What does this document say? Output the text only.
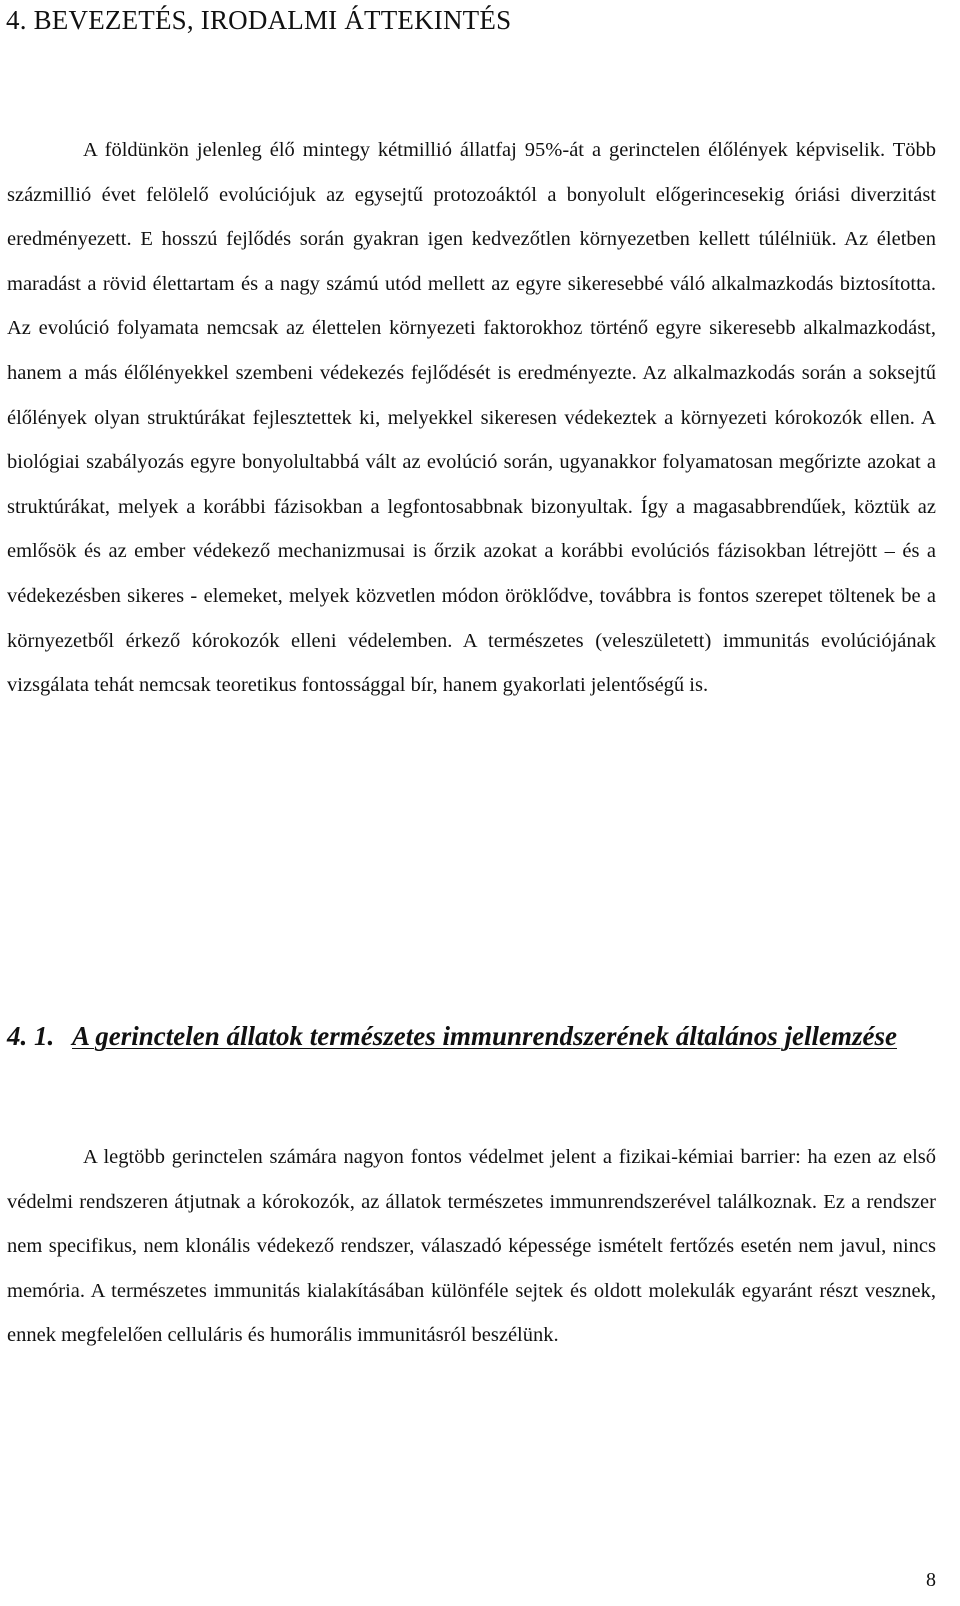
4. BEVEZETÉS, IRODALMI ÁTTEKINTÉS

A földünkön jelenleg élő mintegy kétmillió állatfaj 95%-át a gerinctelen élőlények képviselik. Több százmillió évet felölelő evolúciójuk az egysejtű protozoáktól a bonyolult előgerincesekig óriási diverzitást eredményezett. E hosszú fejlődés során gyakran igen kedvezőtlen környezetben kellett túlélniük. Az életben maradást a rövid élettartam és a nagy számú utód mellett az egyre sikeresebbé váló alkalmazkodás biztosította. Az evolúció folyamata nemcsak az élettelen környezeti faktorokhoz történő egyre sikeresebb alkalmazkodást, hanem a más élőlényekkel szembeni védekezés fejlődését is eredményezte. Az alkalmazkodás során a soksejtű élőlények olyan struktúrákat fejlesztettek ki, melyekkel sikeresen védekeztek a környezeti kórokozók ellen. A biológiai szabályozás egyre bonyolultabbá vált az evolúció során, ugyanakkor folyamatosan megőrizte azokat a struktúrákat, melyek a korábbi fázisokban a legfontosabbnak bizonyultak. Így a magasabbrendűek, köztük az emlősök és az ember védekező mechanizmusai is őrzik azokat a korábbi evolúciós fázisokban létrejött – és a védekezésben sikeres - elemeket, melyek közvetlen módon öröklődve, továbbra is fontos szerepet töltenek be a környezetből érkező kórokozók elleni védelemben. A természetes (veleszületett) immunitás evolúciójának vizsgálata tehát nemcsak teoretikus fontossággal bír, hanem gyakorlati jelentőségű is.

4. 1. A gerinctelen állatok természetes immunrendszerének általános jellemzése

A legtöbb gerinctelen számára nagyon fontos védelmet jelent a fizikai-kémiai barrier: ha ezen az első védelmi rendszeren átjutnak a kórokozók, az állatok természetes immunrendszerével találkoznak. Ez a rendszer nem specifikus, nem klonális védekező rendszer, válaszadó képessége ismételt fertőzés esetén nem javul, nincs memória. A természetes immunitás kialakításában különféle sejtek és oldott molekulák egyaránt részt vesznek, ennek megfelelően celluláris és humorális immunitásról beszélünk.

8
